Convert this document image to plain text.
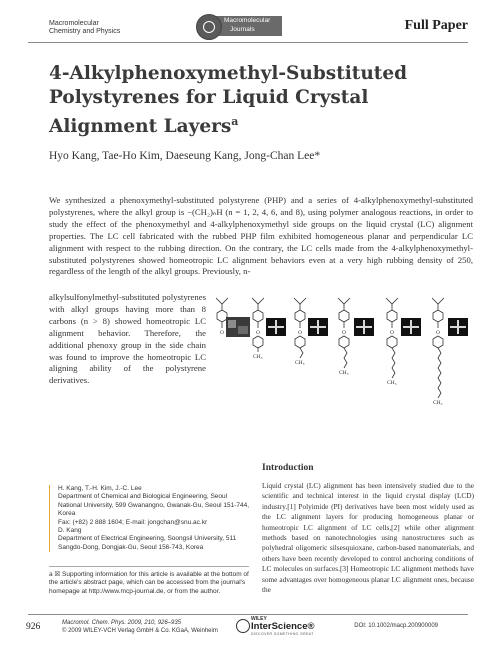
Macromolecular
Chemistry and Physics
Macromolecular
Journals	Full Paper
4-Alkylphenoxymethyl-Substituted
Polystyrenes for Liquid Crystal
Alignment Layers$^a$
Hyo Kang, Tae-Ho Kim, Daeseung Kang, Jong-Chan Lee*
We synthesized a phenoxymethyl-substituted polystyrene (PHP) and a series of 4-alkylphenoxymethyl-substituted polystyrenes, where the alkyl group is −(CH₂)ₙH (n = 1, 2, 4, 6, and 8), using polymer analogous reactions, in order to study the effect of the phenoxymethyl and 4-alkylphenoxymethyl side groups on the liquid crystal (LC) alignment properties. The LC cell fabricated with the rubbed PHP film exhibited homogeneous planar and perpendicular LC alignment with respect to the rubbing direction. On the contrary, the LC cells made from the 4-alkylphenoxymethyl-substituted polystyrenes showed homeotropic LC alignment behaviors even at a very high rubbing density of 250, regardless of the length of the alkyl groups. Previously, n-
alkylsulfonylmethyl-substituted polystyrenes with alkyl groups having more than 8 carbons (n > 8) showed homeotropic LC alignment behavior. Therefore, the additional phenoxy group in the side chain was found to improve the homeotropic LC aligning ability of the polystyrene derivatives.
O	O	O	O	O	O
CH₃
CH₃
CH₃
CH₃
CH₃
Introduction
Liquid crystal (LC) alignment has been intensively studied due to the scientific and technical interest in the liquid crystal display (LCD) industry.[1] Polyimide (PI) derivatives have been most widely used as the LC alignment layers for producing homogeneous planar or homeotropic LC alignment of LC cells,[2] while other alignment methods based on nanotechnologies using nanostructures such as polyhedral oligomeric silsesquioxane, carbon-based nanomaterials, and others have been recently developed to control anchoring conditions of LC molecules on surfaces.[3] Homeotropic LC alignment methods have some advantages over homogeneous planar LC alignment ones, because the
H. Kang, T.-H. Kim, J.-C. Lee
Department of Chemical and Biological Engineering, Seoul
National University, 599 Gwanangno, Gwanak-Gu, Seoul 151-744,
Korea
Fax: (+82) 2 888 1604; E-mail: jongchan@snu.ac.kr
D. Kang
Department of Electrical Engineering, Soongsil University, 511
Sangdo-Dong, Dongjak-Gu, Seoul 156-743, Korea
a ☒ Supporting information for this article is available at the bottom of the article's abstract page, which can be accessed from the journal's homepage at http://www.mcp-journal.de, or from the author.
926	Macromol. Chem. Phys. 2009, 210, 926–935
© 2009 WILEY-VCH Verlag GmbH & Co. KGaA, Weinheim
WILEY
InterScience®
DISCOVER SOMETHING GREAT
DOI: 10.1002/macp.200900009
